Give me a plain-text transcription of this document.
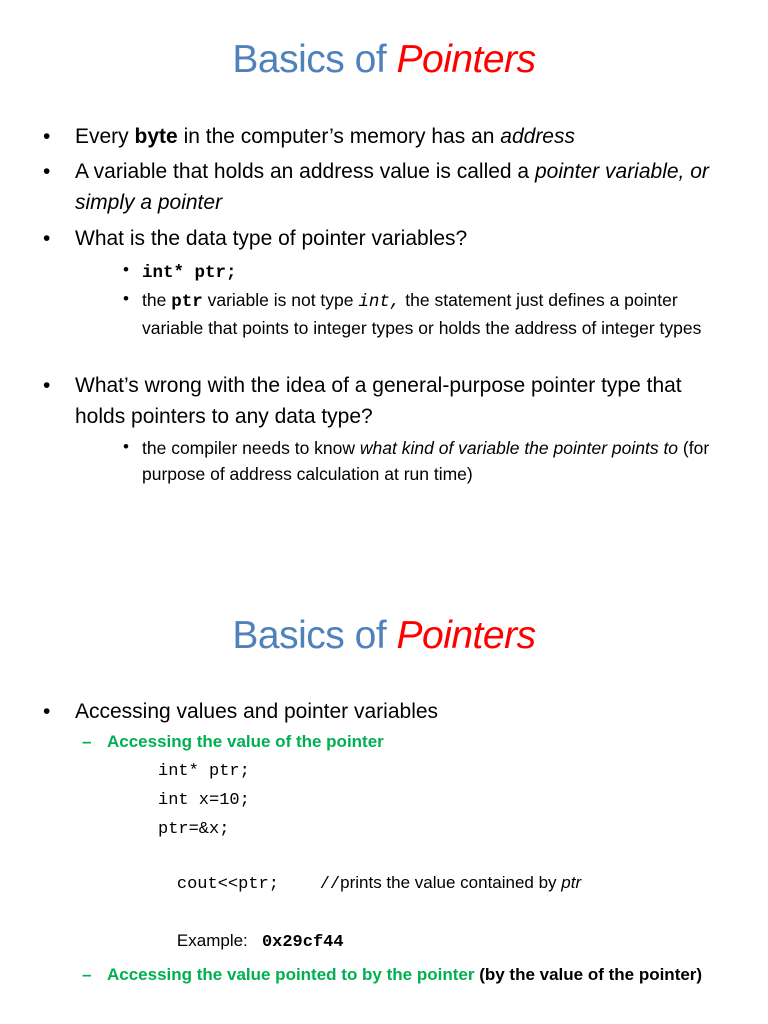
Basics of Pointers
• Every byte in the computer’s memory has an address
• A variable that holds an address value is called a pointer variable, or simply a pointer
• What is the data type of pointer variables?
• int* ptr;
• the ptr variable is not type int, the statement just defines a pointer variable that points to integer types or holds the address of integer types
• What’s wrong with the idea of a general-purpose pointer type that holds pointers to any data type?
• the compiler needs to know what kind of variable the pointer points to (for purpose of address calculation at run time)
Basics of Pointers
• Accessing values and pointer variables
– Accessing the value of the pointer
int* ptr;
int x=10;
ptr=&x;

cout<<ptr;    //prints the value contained by ptr

Example: 0x29cf44

– Accessing the value pointed to by the pointer (by the value of the pointer)
